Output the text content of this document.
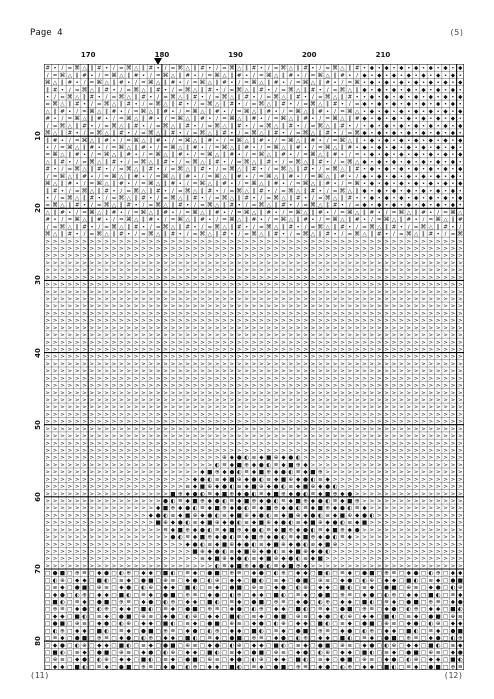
Page 4	(5)
(11)	(12)
170	180	190	200	210
10
20
30
40
50
60
70
80
# • / = ⌘ △ ∥ # • / = ⌘ △ ∥ # • / = ⌘ △ ∥ # • / = ⌘ △ ∥ # • / = ⌘ △ ∥ # • / = ⌘ △ ∥ # • ◆ • ◆ • ◆ • ◆ • ◆ • ◆ • ◆
/ = ⌘ △ ∥ # • / = ⌘ △ ∥ # • / = ⌘ △ ∥ # • / = ⌘ △ ∥ # • / = ⌘ △ ∥ # • / = ⌘ △ ∥ # • / ◆ • ◆ • ◆ • ◆ • ◆ • ◆ • ◆ •
⌘ △ ∥ # • / = ⌘ △ ∥ # • / = ⌘ △ ∥ # • / = ⌘ △ ∥ # • / = ⌘ △ ∥ # • / = ⌘ △ ∥ # • / = ⌘ • ◆ • ◆ • ◆ • ◆ • ◆ • ◆ • ◆
∥ # • / = ⌘ △ ∥ # • / = ⌘ △ ∥ # • / = ⌘ △ ∥ # • / = ⌘ △ ∥ # • / = ⌘ △ ∥ # • / = ⌘ △ ∥ ◆ • ◆ • ◆ • ◆ • ◆ • ◆ • ◆ •
• / = ⌘ △ ∥ # • / = ⌘ △ ∥ # • / = ⌘ △ ∥ # • / = ⌘ △ ∥ # • / = ⌘ △ ∥ # • / = ⌘ △ ∥ # • • ◆ • ◆ • ◆ • ◆ • ◆ • ◆ • ◆
= ⌘ △ ∥ # • / = ⌘ △ ∥ # • / = ⌘ △ ∥ # • / = ⌘ △ ∥ # • / = ⌘ △ ∥ # • / = ⌘ △ ∥ # • / = ◆ • ◆ • ◆ • ◆ • ◆ • ◆ • ◆ •
△ ∥ # • / = ⌘ △ ∥ # • / = ⌘ △ ∥ # • / = ⌘ △ ∥ # • / = ⌘ △ ∥ # • / = ⌘ △ ∥ # • / = ⌘ △ • ◆ • ◆ • ◆ • ◆ • ◆ • ◆ • ◆
# • / = ⌘ △ ∥ # • / = ⌘ △ ∥ # • / = ⌘ △ ∥ # • / = ⌘ △ ∥ # • / = ⌘ △ ∥ # • / = ⌘ △ ∥ # ◆ • ◆ • ◆ • ◆ • ◆ • ◆ • ◆ •
/ = ⌘ △ ∥ # • / = ⌘ △ ∥ # • / = ⌘ △ ∥ # • / = ⌘ △ ∥ # • / = ⌘ △ ∥ # • / = ⌘ △ ∥ # • / • ◆ • ◆ • ◆ • ◆ • ◆ • ◆ • ◆
⌘ △ ∥ # • / = ⌘ △ ∥ # • / = ⌘ △ ∥ # • / = ⌘ △ ∥ # • / = ⌘ △ ∥ # • / = ⌘ △ ∥ # • / = ⌘ ◆ • ◆ • ◆ • ◆ • ◆ • ◆ • ◆ •
∥ # • / = ⌘ △ ∥ # • / = ⌘ △ ∥ # • / = ⌘ △ ∥ # • / = ⌘ △ ∥ # • / = ⌘ △ ∥ # • / = ⌘ △ ∥ • ◆ • ◆ • ◆ • ◆ • ◆ • ◆ • ◆
• / = ⌘ △ ∥ # • / = ⌘ △ ∥ # • / = ⌘ △ ∥ # • / = ⌘ △ ∥ # • / = ⌘ △ ∥ # • / = ⌘ △ ∥ # • ◆ • ◆ • ◆ • ◆ • ◆ • ◆ • ◆ •
= ⌘ △ ∥ # • / = ⌘ △ ∥ # • / = ⌘ △ ∥ # • / = ⌘ △ ∥ # • / = ⌘ △ ∥ # • / = ⌘ △ ∥ # • / = • ◆ • ◆ • ◆ • ◆ • ◆ • ◆ • ◆
△ ∥ # • / = ⌘ △ ∥ # • / = ⌘ △ ∥ # • / = ⌘ △ ∥ # • / = ⌘ △ ∥ # • / = ⌘ △ ∥ # • / = ⌘ △ ◆ • ◆ • ◆ • ◆ • ◆ • ◆ • ◆ •
# • / = ⌘ △ ∥ # • / = ⌘ △ ∥ # • / = ⌘ △ ∥ # • / = ⌘ △ ∥ # • / = ⌘ △ ∥ # • / = ⌘ △ ∥ # • ◆ • ◆ • ◆ • ◆ • ◆ • ◆ • ◆
/ = ⌘ △ ∥ # • / = ⌘ △ ∥ # • / = ⌘ △ ∥ # • / = ⌘ △ ∥ # • / = ⌘ △ ∥ # • / = ⌘ △ ∥ # • / ◆ • ◆ • ◆ • ◆ • ◆ • ◆ • ◆ •
⌘ △ ∥ # • / = ⌘ △ ∥ # • / = ⌘ △ ∥ # • / = ⌘ △ ∥ # • / = ⌘ △ ∥ # • / = ⌘ △ ∥ # • / = ⌘ • ◆ • ◆ • ◆ • ◆ • ◆ • ◆ • ◆
∥ # • / = ⌘ △ ∥ # • / = ⌘ △ ∥ # • / = ⌘ △ ∥ # • / = ⌘ △ ∥ # • / = ⌘ △ ∥ # • / = ⌘ △ ∥ ◆ • ◆ • ◆ • ◆ • ◆ • ◆ • ◆ •
• / = ⌘ △ ∥ # • / = ⌘ △ ∥ # • / = ⌘ △ ∥ # • / = ⌘ △ ∥ # • / = ⌘ △ ∥ # • / = ⌘ △ ∥ # • • ◆ • ◆ • ◆ • ◆ • ◆ • ◆ • ◆
= ⌘ △ ∥ # • / = ⌘ △ ∥ # • / = ⌘ △ ∥ # • / = ⌘ △ ∥ # • / = ⌘ △ ∥ # • / = ⌘ △ ∥ # • / = ◆ • ◆ • ◆ • ◆ • ◆ • ◆ • ◆ •
△ ∥ # • / = ⌘ △ ∥ # • / = ⌘ △ ∥ # • / = ⌘ △ ∥ # • / = ⌘ △ ∥ # • / = ⌘ △ ∥ # • / = ⌘ △ ∥ # • / = ⌘ △ ∥ # • / = ⌘ △
# • / = ⌘ △ ∥ # • / = ⌘ △ ∥ # • / = ⌘ △ ∥ # • / = ⌘ △ ∥ # • / = ⌘ △ ∥ # • / = ⌘ △ ∥ # • / = ⌘ △ ∥ # • / = ⌘ △ ∥ #
/ = ⌘ △ ∥ # • / = ⌘ △ ∥ # • / = ⌘ △ ∥ # • / = ⌘ △ ∥ # • / = ⌘ △ ∥ # • / = ⌘ △ ∥ # • / = ⌘ △ ∥ # • / = ⌘ △ ∥ # • /
⌘ △ ∥ # • / = ⌘ △ ∥ # • / = ⌘ △ ∥ # • / = ⌘ △ ∥ # • / = ⌘ △ ∥ # • / = ⌘ △ ∥ # • / = ⌘ △ ∥ # • / = ⌘ △ ∥ # • / = ⌘
> > > > > > > > > > > > > > > > > > > > > > > > > > > > > > > > > > > > > > > > > > > > > > > > > > > > > > > > >
> > > > > > > > > > > > > > > > > > > > > > > > > > > > > > > > > > > > > > > > > > > > > > > > > > > > > > > > >
> > > > > > > > > > > > > > > > > > > > > > > > > > > > > > > > > > > > > > > > > > > > > > > > > > > > > > > > >
> > > > > > > > > > > > > > > > > > > > > > > > > > > > > > > > > > > > > > > > > > > > > > > > > > > > > > > > >
> > > > > > > > > > > > > > > > > > > > > > > > > > > > > > > > > > > > > > > > > > > > > > > > > > > > > > > > >
> > > > > > > > > > > > > > > > > > > > > > > > > > > > > > > > > > > > > > > > > > > > > > > > > > > > > > > > >
> > > > > > > > > > > > > > > > > > > > > > > > > > > > > > > > > > > > > > > > > > > > > > > > > > > > > > > > >
> > > > > > > > > > > > > > > > > > > > > > > > > > > > > > > > > > > > > > > > > > > > > > > > > > > > > > > > >
> > > > > > > > > > > > > > > > > > > > > > > > > > > > > > > > > > > > > > > > > > > > > > > > > > > > > > > > >
> > > > > > > > > > > > > > > > > > > > > > > > > > > > > > > > > > > > > > > > > > > > > > > > > > > > > > > > >
> > > > > > > > > > > > > > > > > > > > > > > > > > > > > > > > > > > > > > > > > > > > > > > > > > > > > > > > >
> > > > > > > > > > > > > > > > > > > > > > > > > > > > > > > > > > > > > > > > > > > > > > > > > > > > > > > > >
> > > > > > > > > > > > > > > > > > > > > > > > > > > > > > > > > > > > > > > > > > > > > > > > > > > > > > > > >
> > > > > > > > > > > > > > > > > > > > > > > > > > > > > > > > > > > > > > > > > > > > > > > > > > > > > > > > >
> > > > > > > > > > > > > > > > > > > > > > > > > > > > > > > > > > > > > > > > > > > > > > > > > > > > > > > > >
> > > > > > > > > > > > > > > > > > > > > > > > > > > > > > > > > > > > > > > > > > > > > > > > > > > > > > > > >
> > > > > > > > > > > > > > > > > > > > > > > > > > > > > > > > > > > > > > > > > > > > > > > > > > > > > > > > >
> > > > > > > > > > > > > > > > > > > > > > > > > > > > > > > > > > > > > > > > > > > > > > > > > > > > > > > > >
> > > > > > > > > > > > > > > > > > > > > > > > > > > > > > > > > > > > > > > > > > > > > > > > > > > > > > > > >
> > > > > > > > > > > > > > > > > > > > > > > > > > > > > > > > > > > > > > > > > > > > > > > > > > > > > > > > >
> > > > > > > > > > > > > > > > > > > > > > > > > > > > > > > > > > > > > > > > > > > > > > > > > > > > > > > > >
> > > > > > > > > > > > > > > > > > > > > > > > > > > > > > > > > > > > > > > > > > > > > > > > > > > > > > > > >
> > > > > > > > > > > > > > > > > > > > > > > > > > > > > > > > > > > > > > > > > > > > > > > > > > > > > > > > >
> > > > > > > > > > > > > > > > > > > > > > > > > > > > > > > > > > > > > > > > > > > > > > > > > > > > > > > > >
> > > > > > > > > > > > > > > > > > > > > > > > > > > > > > > > > > > > > > > > > > > > > > > > > > > > > > > > >
> > > > > > > > > > > > > > > > > > > > > > > > > > > > > > > > > > > > > > > > > > > > > > > > > > > > > > > > >
> > > > > > > > > > > > > > > > > > > > > > > > > > > > > > > > > > > > > > > > > > > > > > > > > > > > > > > > >
> > > > > > > > > > > > > > > > > > > > > > > > > > > > > > > > > > > > > > > > > > > > > > > > > > > > > > > > >
> > > > > > > > > > > > > > > > > > > > > > > > > > > > > > > > > > > > > > > > > > > > > > > > > > > > > > > > >
> > > > > > > > > > > > > > > > > > > > > > > > > > > > > > > > > > > > > > > > > > > > > > > > > > > > > > > > >
> > > > > > > > > > > > > > > > > > > > > > > > ⊕ ◆ ● ◐ ≡ ◆ ■ ⊕ ◆ ● ◐ > > > > > > > > > > > > > > > > > > > > > >
> > > > > > > > > > > > > > > > > > > > > > > ◐ ≡ ◆ ■ ⊕ ◆ ● ◐ ≡ ◆ ■ ⊕ ◆ > > > > > > > > > > > > > > > > > > > > >
> > > > > > > > > > > > > > > > > > > > > ◆ ■ ⊕ ◆ ● ◐ ≡ ◆ ■ ⊕ ◆ ● ◐ ≡ ◆ ■ ⊕ > > > > > > > > > > > > > > > > > > >
> > > > > > > > > > > > > > > > > > > > ◆ ● ◐ ≡ ◆ ■ ⊕ ◆ ● ◐ ≡ ◆ ■ ⊕ ◆ ● ◐ ≡ ◆ > > > > > > > > > > > > > > > > > >
> > > > > > > > > > > > > > > > > > > ≡ ◆ ■ ⊕ ◆ ● ◐ ≡ ◆ ■ ⊕ ◆ ● ◐ ≡ ◆ ■ ⊕ ◆ ● ◐ > > > > > > > > > > > > > > > > >
> > > > > > > > > > > > > > > > > ■ ⊕ ◆ ● ◐ ≡ ◆ ■ ⊕ ◆ ● ◐ ≡ ◆ ■ ⊕ ◆ ● ◐ ≡ ◆ ■ ⊕ ◆ ● > > > > > > > > > > > > > > >
> > > > > > > > > > > > > > > > ● ◐ ≡ ◆ ■ ⊕ ◆ ● ◐ ≡ ◆ ■ ⊕ ◆ ● ◐ ≡ ◆ ■ ⊕ ◆ ● ◐ ≡ ◆ ■ ⊕ > > > > > > > > > > > > > >
> > > > > > > > > > > > > > > ◆ ■ ⊕ ◆ ● ◐ ≡ ◆ ■ ⊕ ◆ ● ◐ ≡ ◆ ■ ⊕ ◆ ● ◐ ≡ ◆ ■ ⊕ ◆ ● ◐ ≡ ◆ > > > > > > > > > > > > >
> > > > > > > > > > > > > > ◆ ● ◐ ≡ ◆ ■ ⊕ ◆ ● ◐ ≡ ◆ ■ ⊕ ◆ ● ◐ ≡ ◆ ■ ⊕ ◆ ● ◐ ≡ ◆ ■ ⊕ ◆ ● ◐ > > > > > > > > > > > >
> > > > > > > > > > > > > > > ■ ⊕ ◆ ● ◐ ≡ ◆ ■ ⊕ ◆ ● ◐ ≡ ◆ ■ ⊕ ◆ ● ◐ ≡ ◆ ■ ⊕ ◆ ● ◐ ≡ ◆ ■ > > > > > > > > > > > > >
> > > > > > > > > > > > > > > > ≡ ◆ ■ ⊕ ◆ ● ◐ ≡ ◆ ■ ⊕ ◆ ● ◐ ≡ ◆ ■ ⊕ ◆ ● ◐ ≡ ◆ ■ ⊕ ◆ ● > > > > > > > > > > > > > >
> > > > > > > > > > > > > > > > > ● ◐ ≡ ◆ ■ ⊕ ◆ ● ◐ ≡ ◆ ■ ⊕ ◆ ● ◐ ≡ ◆ ■ ⊕ ◆ ● ◐ ≡ ◆ > > > > > > > > > > > > > > >
> > > > > > > > > > > > > > > > > > > ◆ ● ◐ ≡ ◆ ■ ⊕ ◆ ● ◐ ≡ ◆ ■ ⊕ ◆ ● ◐ ≡ ◆ ■ ⊕ > > > > > > > > > > > > > > > > >
> > > > > > > > > > > > > > > > > > > > ■ ⊕ ◆ ● ◐ ≡ ◆ ■ ⊕ ◆ ● ◐ ≡ ◆ ■ ⊕ ◆ ● ◐ > > > > > > > > > > > > > > > > > >
> > > > > > > > > > > > > > > > > > > > > ≡ ◆ ■ ⊕ ◆ ● ◐ ≡ ◆ ■ ⊕ ◆ ● ◐ ≡ ◆ ■ > > > > > > > > > > > > > > > > > > >
> > > > > > > > > > > > > > > > > > > > > > > ◐ ≡ ◆ ■ ⊕ ◆ ● ◐ ≡ ◆ ■ ⊕ ◆ > > > > > > > > > > > > > > > > > > > > >
□ ● ■ □ ⊕ ≡ □ ◆ ● □ ◐ ⊕ □ ◆ ◆ □ ■ ◐ □ ≡ ◆ □ ● ■ □ ⊕ ≡ □ ◆ ● □ ◐ ⊕ □ ◆ ◆ □ ■ ◐ □ ≡ ◆ □ ● ■ □ ⊕ ≡ □ ◆ ● □ ◐ ⊕ □ ◆ ◆
□ ◐ ⊕ □ ◆ ◆ □ ■ ◐ □ ≡ ◆ □ ● ■ □ ⊕ ≡ □ ◆ ● □ ◐ ⊕ □ ◆ ◆ □ ■ ◐ □ ≡ ◆ □ ● ■ □ ⊕ ≡ □ ◆ ● □ ◐ ⊕ □ ◆ ◆ □ ■ ◐ □ ≡ ◆ □ ● ■
□ ≡ ◆ □ ● ■ □ ⊕ ≡ □ ◆ ● □ ◐ ⊕ □ ◆ ◆ □ ■ ◐ □ ≡ ◆ □ ● ■ □ ⊕ ≡ □ ◆ ● □ ◐ ⊕ □ ◆ ◆ □ ■ ◐ □ ≡ ◆ □ ● ■ □ ⊕ ≡ □ ◆ ● □ ◐ ⊕
□ ◆ ● □ ◐ ⊕ □ ◆ ◆ □ ■ ◐ □ ≡ ◆ □ ● ■ □ ⊕ ≡ □ ◆ ● □ ◐ ⊕ □ ◆ ◆ □ ■ ◐ □ ≡ ◆ □ ● ■ □ ⊕ ≡ □ ◆ ● □ ◐ ⊕ □ ◆ ◆ □ ■ ◐ □ ≡ ◆
□ ■ ◐ □ ≡ ◆ □ ● ■ □ ⊕ ≡ □ ◆ ● □ ◐ ⊕ □ ◆ ◆ □ ■ ◐ □ ≡ ◆ □ ● ■ □ ⊕ ≡ □ ◆ ● □ ◐ ⊕ □ ◆ ◆ □ ■ ◐ □ ≡ ◆ □ ● ■ □ ⊕ ≡ □ ◆ ●
□ ⊕ ≡ □ ◆ ● □ ◐ ⊕ □ ◆ ◆ □ ■ ◐ □ ≡ ◆ □ ● ■ □ ⊕ ≡ □ ◆ ● □ ◐ ⊕ □ ◆ ◆ □ ■ ◐ □ ≡ ◆ □ ● ■ □ ⊕ ≡ □ ◆ ● □ ◐ ⊕ □ ◆ ◆ □ ■ ◐
□ ◆ ◆ □ ■ ◐ □ ≡ ◆ □ ● ■ □ ⊕ ≡ □ ◆ ● □ ◐ ⊕ □ ◆ ◆ □ ■ ◐ □ ≡ ◆ □ ● ■ □ ⊕ ≡ □ ◆ ● □ ◐ ⊕ □ ◆ ◆ □ ■ ◐ □ ≡ ◆ □ ● ■ □ ⊕ ≡
□ ● ■ □ ⊕ ≡ □ ◆ ● □ ◐ ⊕ □ ◆ ◆ □ ■ ◐ □ ≡ ◆ □ ● ■ □ ⊕ ≡ □ ◆ ● □ ◐ ⊕ □ ◆ ◆ □ ■ ◐ □ ≡ ◆ □ ● ■ □ ⊕ ≡ □ ◆ ● □ ◐ ⊕ □ ◆ ◆
□ ◐ ⊕ □ ◆ ◆ □ ■ ◐ □ ≡ ◆ □ ● ■ □ ⊕ ≡ □ ◆ ● □ ◐ ⊕ □ ◆ ◆ □ ■ ◐ □ ≡ ◆ □ ● ■ □ ⊕ ≡ □ ◆ ● □ ◐ ⊕ □ ◆ ◆ □ ■ ◐ □ ≡ ◆ □ ● ■
□ ≡ ◆ □ ● ■ □ ⊕ ≡ □ ◆ ● □ ◐ ⊕ □ ◆ ◆ □ ■ ◐ □ ≡ ◆ □ ● ■ □ ⊕ ≡ □ ◆ ● □ ◐ ⊕ □ ◆ ◆ □ ■ ◐ □ ≡ ◆ □ ● ■ □ ⊕ ≡ □ ◆ ● □ ◐ ⊕
□ ◆ ● □ ◐ ⊕ □ ◆ ◆ □ ■ ◐ □ ≡ ◆ □ ● ■ □ ⊕ ≡ □ ◆ ● □ ◐ ⊕ □ ◆ ◆ □ ■ ◐ □ ≡ ◆ □ ● ■ □ ⊕ ≡ □ ◆ ● □ ◐ ⊕ □ ◆ ◆ □ ■ ◐ □ ≡ ◆
□ ■ ◐ □ ≡ ◆ □ ● ■ □ ⊕ ≡ □ ◆ ● □ ◐ ⊕ □ ◆ ◆ □ ■ ◐ □ ≡ ◆ □ ● ■ □ ⊕ ≡ □ ◆ ● □ ◐ ⊕ □ ◆ ◆ □ ■ ◐ □ ≡ ◆ □ ● ■ □ ⊕ ≡ □ ◆ ●
□ ⊕ ≡ □ ◆ ● □ ◐ ⊕ □ ◆ ◆ □ ■ ◐ □ ≡ ◆ □ ● ■ □ ⊕ ≡ □ ◆ ● □ ◐ ⊕ □ ◆ ◆ □ ■ ◐ □ ≡ ◆ □ ● ■ □ ⊕ ≡ □ ◆ ● □ ◐ ⊕ □ ◆ ◆ □ ■ ◐
□ ◆ ◆ □ ■ ◐ □ ≡ ◆ □ ● ■ □ ⊕ ≡ □ ◆ ● □ ◐ ⊕ □ ◆ ◆ □ ■ ◐ □ ≡ ◆ □ ● ■ □ ⊕ ≡ □ ◆ ● □ ◐ ⊕ □ ◆ ◆ □ ■ ◐ □ ≡ ◆ □ ● ■ □ ⊕ ≡
